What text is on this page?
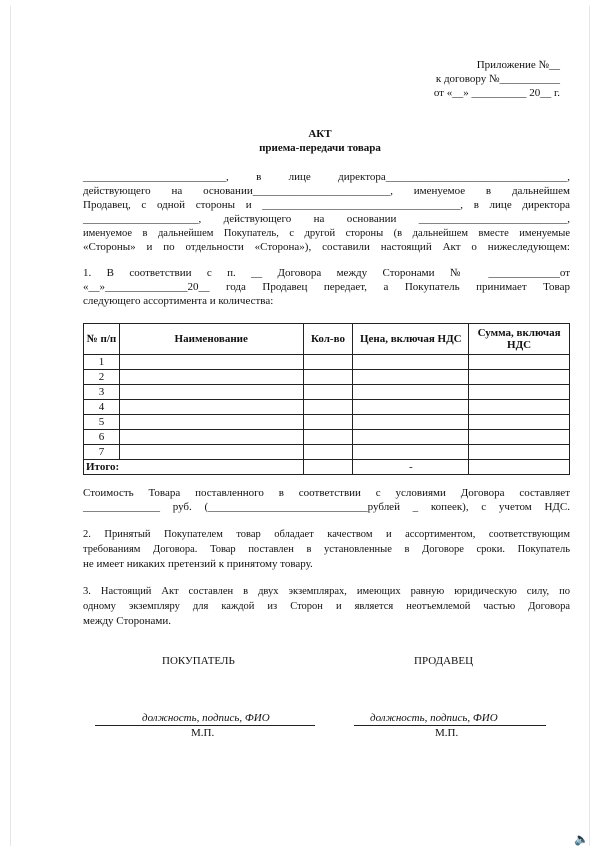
Приложение №__
к договору №___________
от «__» __________ 20__ г.
АКТ
приема-передачи товара
__________________________, в лице директора_________________________________,
действующего на основании_________________________, именуемое в дальнейшем
Продавец, с одной стороны и ____________________________________, в лице директора
_____________________, действующего на основании ___________________________,
именуемое в дальнейшем Покупатель, с другой стороны (в дальнейшем вместе именуемые
«Стороны» и по отдельности «Сторона»), составили настоящий Акт о нижеследующем:
1. В соответствии с п. __ Договора между Сторонами № _____________от
«__»_______________20__ года Продавец передает, а Покупатель принимает Товар
следующего ассортимента и количества:
№ п/п	Наименование	Кол-во	Цена, включая НДС	Сумма, включая НДС
1				
2				
3				
4				
5				
6				
7				
Итого:			-	
Стоимость Товара поставленного в соответствии с условиями Договора составляет
______________ руб. (_____________________________рублей _ копеек), с учетом НДС.
2. Принятый Покупателем товар обладает качеством и ассортиментом, соответствующим
требованиям Договора. Товар поставлен в установленные в Договоре сроки. Покупатель
не имеет никаких претензий к принятому товару.
3. Настоящий Акт составлен в двух экземплярах, имеющих равную юридическую силу, по
одному экземпляру для каждой из Сторон и является неотъемлемой частью Договора
между Сторонами.
ПОКУПАТЕЛЬ	ПРОДАВЕЦ
должность, подпись, ФИО	должность, подпись, ФИО
М.П.	М.П.
🔈
